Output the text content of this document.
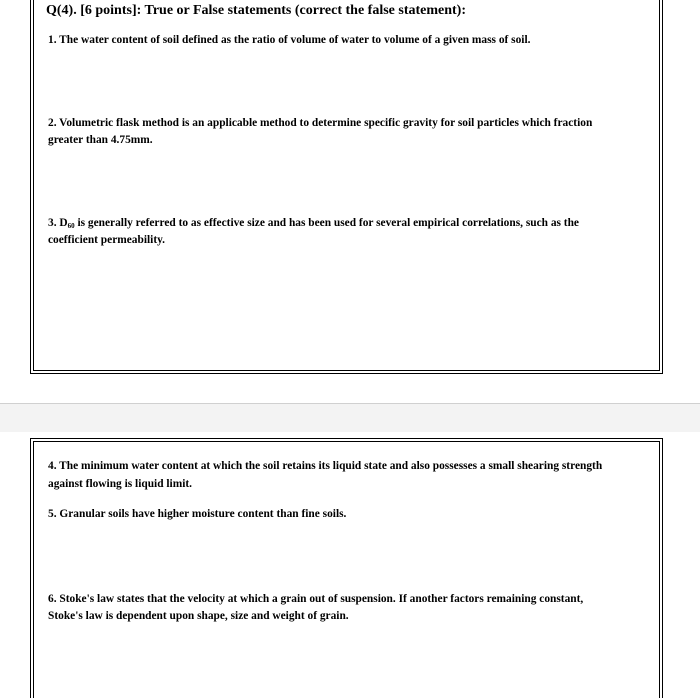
Q(4). [6 points]: True or False statements (correct the false statement):
1. The water content of soil defined as the ratio of volume of water to volume of a given mass of soil.
2. Volumetric flask method is an applicable method to determine specific gravity for soil particles which fraction
greater than 4.75mm.
3. D60 is generally referred to as effective size and has been used for several empirical correlations, such as the
coefficient permeability.
4. The minimum water content at which the soil retains its liquid state and also possesses a small shearing strength
against flowing is liquid limit.
5. Granular soils have higher moisture content than fine soils.
6. Stoke's law states that the velocity at which a grain out of suspension. If another factors remaining constant,
Stoke's law is dependent upon shape, size and weight of grain.
